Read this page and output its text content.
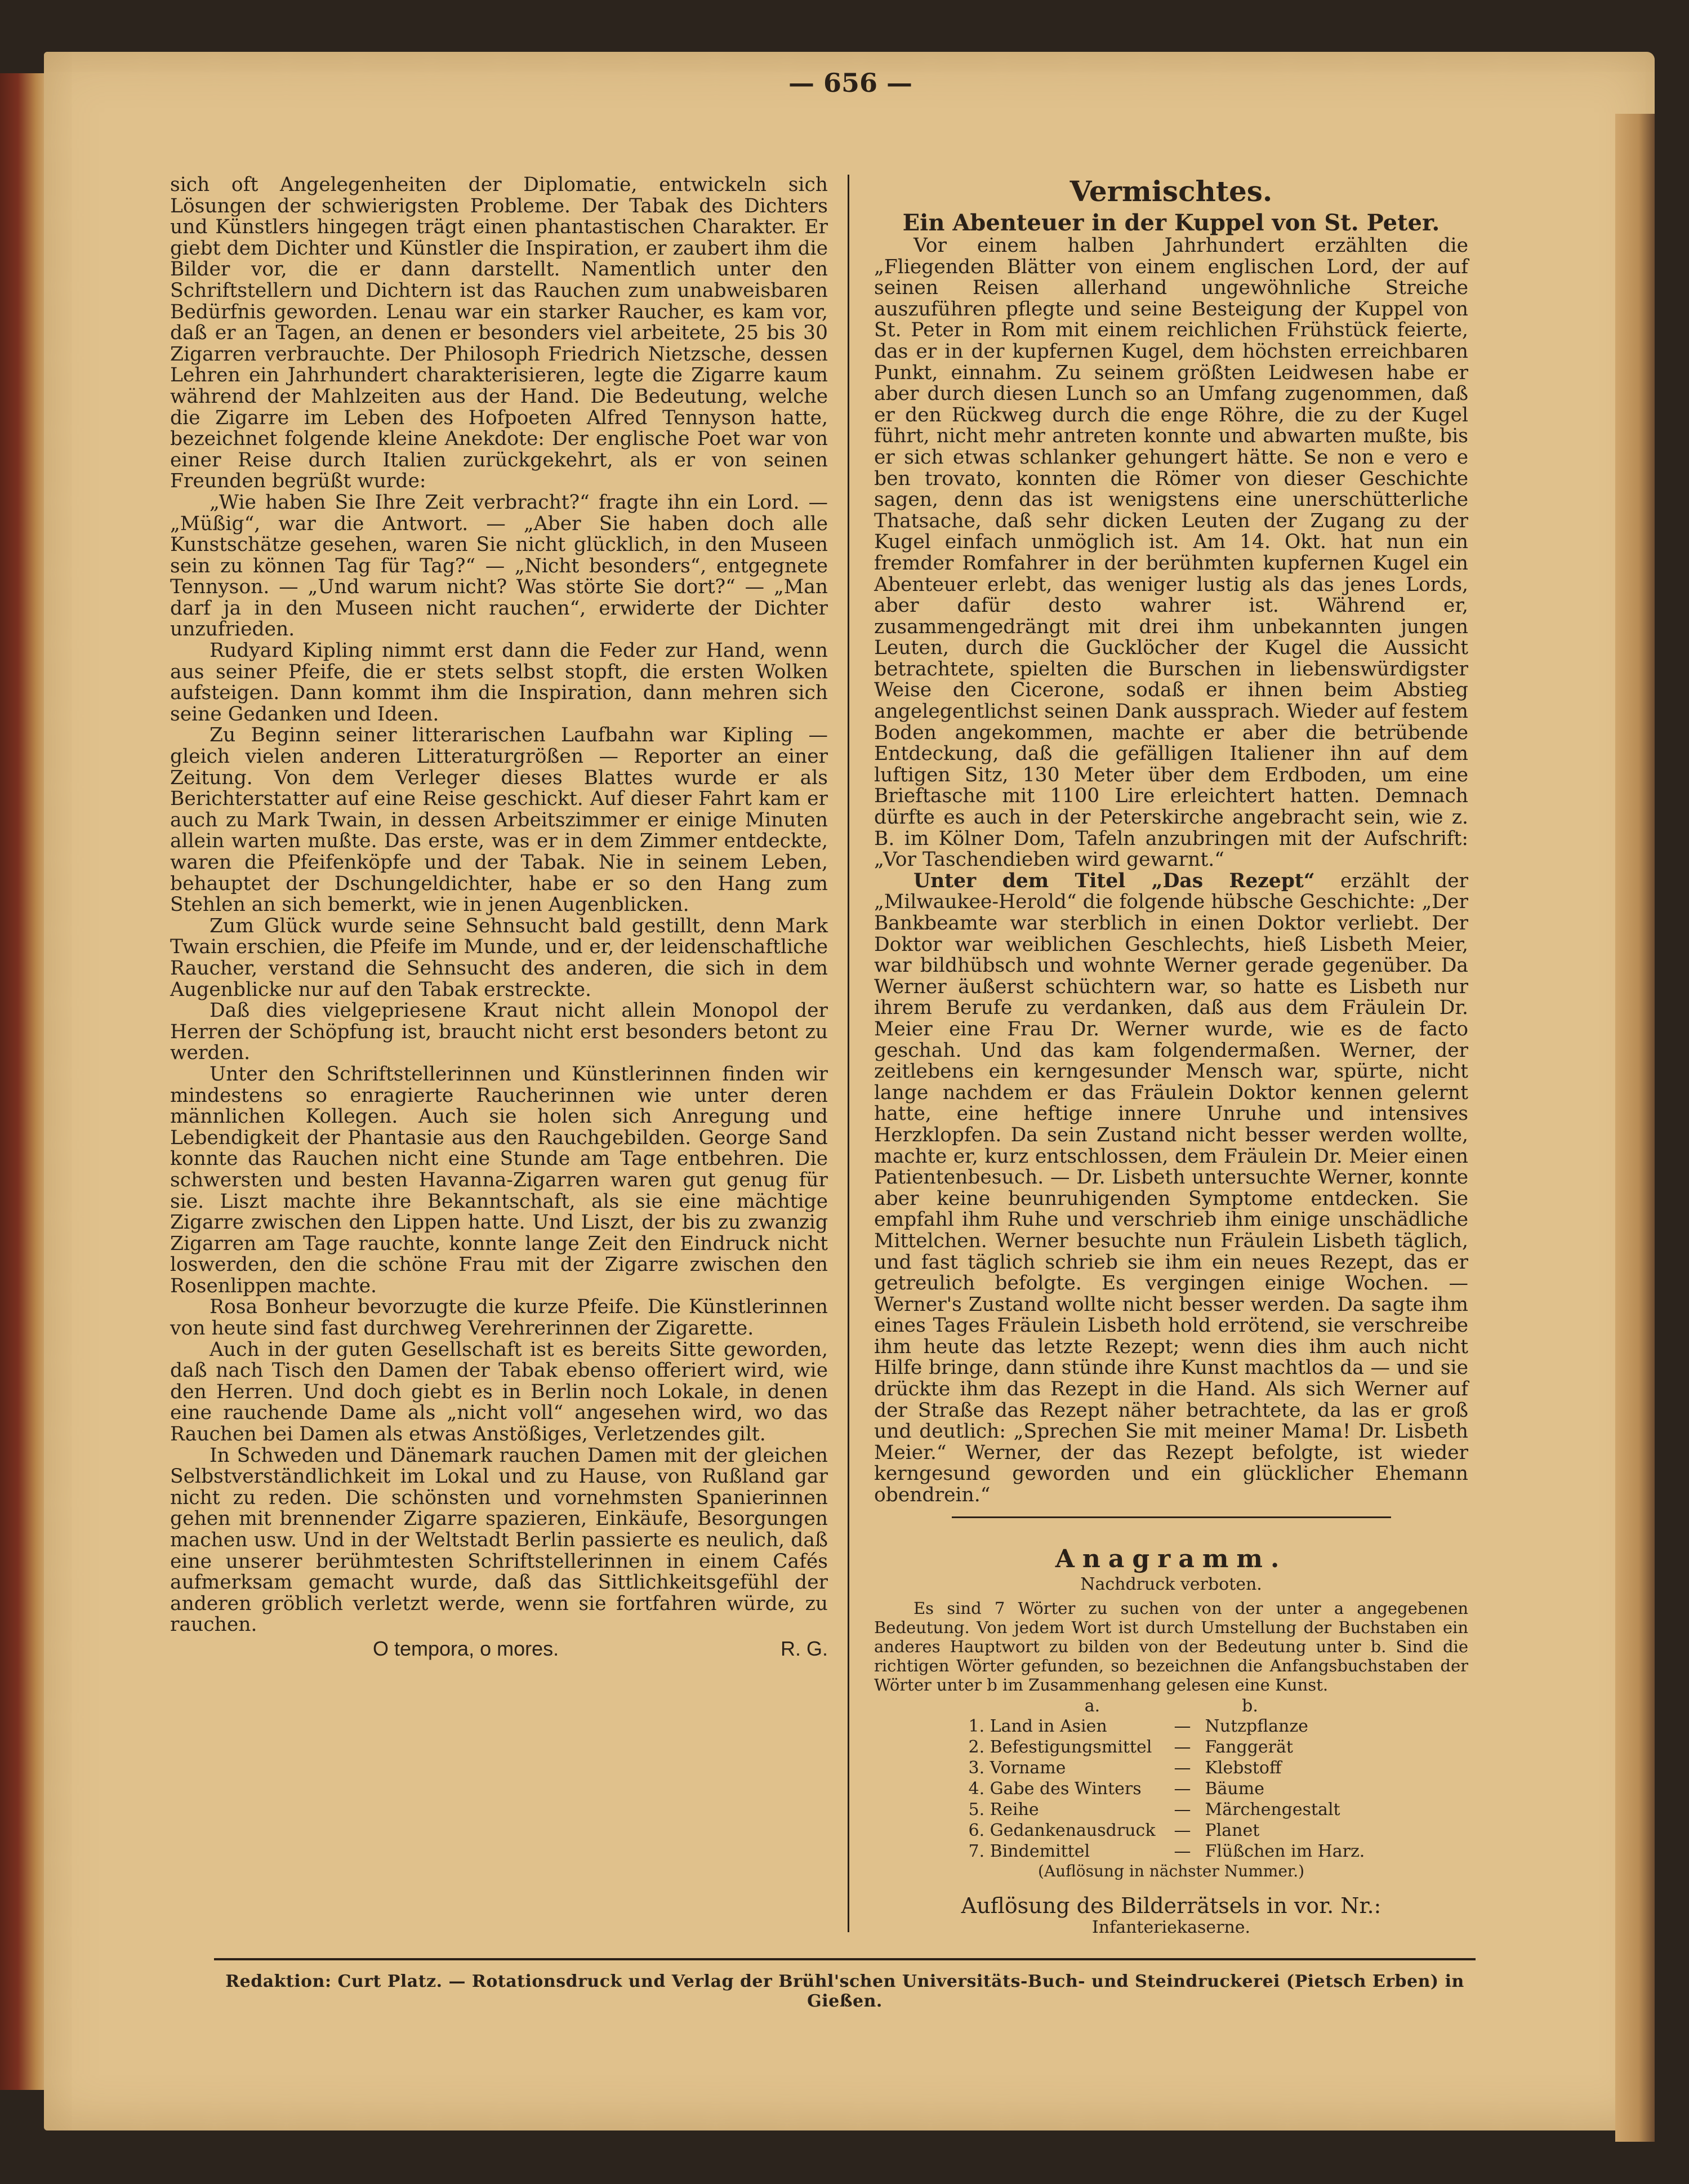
— 656 —

sich oft Angelegenheiten der Diplomatie, entwickeln sich Lösungen der schwierigsten Probleme. Der Tabak des Dichters und Künstlers hingegen trägt einen phantastischen Charakter. Er giebt dem Dichter und Künstler die Inspiration, er zaubert ihm die Bilder vor, die er dann darstellt. Namentlich unter den Schriftstellern und Dichtern ist das Rauchen zum unabweisbaren Bedürfnis geworden. Lenau war ein starker Raucher, es kam vor, daß er an Tagen, an denen er besonders viel arbeitete, 25 bis 30 Zigarren verbrauchte. Der Philosoph Friedrich Nietzsche, dessen Lehren ein Jahrhundert charakterisieren, legte die Zigarre kaum während der Mahlzeiten aus der Hand. Die Bedeutung, welche die Zigarre im Leben des Hofpoeten Alfred Tennyson hatte, bezeichnet folgende kleine Anekdote: Der englische Poet war von einer Reise durch Italien zurückgekehrt, als er von seinen Freunden begrüßt wurde:

„Wie haben Sie Ihre Zeit verbracht?“ fragte ihn ein Lord. — „Müßig“, war die Antwort. — „Aber Sie haben doch alle Kunstschätze gesehen, waren Sie nicht glücklich, in den Museen sein zu können Tag für Tag?“ — „Nicht besonders“, entgegnete Tennyson. — „Und warum nicht? Was störte Sie dort?“ — „Man darf ja in den Museen nicht rauchen“, erwiderte der Dichter unzufrieden.

Rudyard Kipling nimmt erst dann die Feder zur Hand, wenn aus seiner Pfeife, die er stets selbst stopft, die ersten Wolken aufsteigen. Dann kommt ihm die Inspiration, dann mehren sich seine Gedanken und Ideen.

Zu Beginn seiner litterarischen Laufbahn war Kipling — gleich vielen anderen Litteraturgrößen — Reporter an einer Zeitung. Von dem Verleger dieses Blattes wurde er als Berichterstatter auf eine Reise geschickt. Auf dieser Fahrt kam er auch zu Mark Twain, in dessen Arbeitszimmer er einige Minuten allein warten mußte. Das erste, was er in dem Zimmer entdeckte, waren die Pfeifenköpfe und der Tabak. Nie in seinem Leben, behauptet der Dschungeldichter, habe er so den Hang zum Stehlen an sich bemerkt, wie in jenen Augenblicken.

Zum Glück wurde seine Sehnsucht bald gestillt, denn Mark Twain erschien, die Pfeife im Munde, und er, der leidenschaftliche Raucher, verstand die Sehnsucht des anderen, die sich in dem Augenblicke nur auf den Tabak erstreckte.

Daß dies vielgepriesene Kraut nicht allein Monopol der Herren der Schöpfung ist, braucht nicht erst besonders betont zu werden.

Unter den Schriftstellerinnen und Künstlerinnen finden wir mindestens so enragierte Raucherinnen wie unter deren männlichen Kollegen. Auch sie holen sich Anregung und Lebendigkeit der Phantasie aus den Rauchgebilden. George Sand konnte das Rauchen nicht eine Stunde am Tage entbehren. Die schwersten und besten Havanna-Zigarren waren gut genug für sie. Liszt machte ihre Bekanntschaft, als sie eine mächtige Zigarre zwischen den Lippen hatte. Und Liszt, der bis zu zwanzig Zigarren am Tage rauchte, konnte lange Zeit den Eindruck nicht loswerden, den die schöne Frau mit der Zigarre zwischen den Rosenlippen machte.

Rosa Bonheur bevorzugte die kurze Pfeife. Die Künstlerinnen von heute sind fast durchweg Verehrerinnen der Zigarette.

Auch in der guten Gesellschaft ist es bereits Sitte geworden, daß nach Tisch den Damen der Tabak ebenso offeriert wird, wie den Herren. Und doch giebt es in Berlin noch Lokale, in denen eine rauchende Dame als „nicht voll“ angesehen wird, wo das Rauchen bei Damen als etwas Anstößiges, Verletzendes gilt.

In Schweden und Dänemark rauchen Damen mit der gleichen Selbstverständlichkeit im Lokal und zu Hause, von Rußland gar nicht zu reden. Die schönsten und vornehmsten Spanierinnen gehen mit brennender Zigarre spazieren, Einkäufe, Besorgungen machen usw. Und in der Weltstadt Berlin passierte es neulich, daß eine unserer berühmtesten Schriftstellerinnen in einem Cafés aufmerksam gemacht wurde, daß das Sittlichkeitsgefühl der anderen gröblich verletzt werde, wenn sie fortfahren würde, zu rauchen.

O tempora, o mores.	R. G.
Vermischtes.
Ein Abenteuer in der Kuppel von St. Peter.

Vor einem halben Jahrhundert erzählten die „Fliegenden Blätter von einem englischen Lord, der auf seinen Reisen allerhand ungewöhnliche Streiche auszuführen pflegte und seine Besteigung der Kuppel von St. Peter in Rom mit einem reichlichen Frühstück feierte, das er in der kupfernen Kugel, dem höchsten erreichbaren Punkt, einnahm. Zu seinem größten Leidwesen habe er aber durch diesen Lunch so an Umfang zugenommen, daß er den Rückweg durch die enge Röhre, die zu der Kugel führt, nicht mehr antreten konnte und abwarten mußte, bis er sich etwas schlanker gehungert hätte. Se non e vero e ben trovato, konnten die Römer von dieser Geschichte sagen, denn das ist wenigstens eine unerschütterliche Thatsache, daß sehr dicken Leuten der Zugang zu der Kugel einfach unmöglich ist. Am 14. Okt. hat nun ein fremder Romfahrer in der berühmten kupfernen Kugel ein Abenteuer erlebt, das weniger lustig als das jenes Lords, aber dafür desto wahrer ist. Während er, zusammengedrängt mit drei ihm unbekannten jungen Leuten, durch die Gucklöcher der Kugel die Aussicht betrachtete, spielten die Burschen in liebenswürdigster Weise den Cicerone, sodaß er ihnen beim Abstieg angelegentlichst seinen Dank aussprach. Wieder auf festem Boden angekommen, machte er aber die betrübende Entdeckung, daß die gefälligen Italiener ihn auf dem luftigen Sitz, 130 Meter über dem Erdboden, um eine Brieftasche mit 1100 Lire erleichtert hatten. Demnach dürfte es auch in der Peterskirche angebracht sein, wie z. B. im Kölner Dom, Tafeln anzubringen mit der Aufschrift: „Vor Taschendieben wird gewarnt.“

Unter dem Titel „Das Rezept“ erzählt der „Milwaukee-Herold“ die folgende hübsche Geschichte: „Der Bankbeamte war sterblich in einen Doktor verliebt. Der Doktor war weiblichen Geschlechts, hieß Lisbeth Meier, war bildhübsch und wohnte Werner gerade gegenüber. Da Werner äußerst schüchtern war, so hatte es Lisbeth nur ihrem Berufe zu verdanken, daß aus dem Fräulein Dr. Meier eine Frau Dr. Werner wurde, wie es de facto geschah. Und das kam folgendermaßen. Werner, der zeitlebens ein kerngesunder Mensch war, spürte, nicht lange nachdem er das Fräulein Doktor kennen gelernt hatte, eine heftige innere Unruhe und intensives Herzklopfen. Da sein Zustand nicht besser werden wollte, machte er, kurz entschlossen, dem Fräulein Dr. Meier einen Patientenbesuch. — Dr. Lisbeth untersuchte Werner, konnte aber keine beunruhigenden Symptome entdecken. Sie empfahl ihm Ruhe und verschrieb ihm einige unschädliche Mittelchen. Werner besuchte nun Fräulein Lisbeth täglich, und fast täglich schrieb sie ihm ein neues Rezept, das er getreulich befolgte. Es vergingen einige Wochen. — Werner's Zustand wollte nicht besser werden. Da sagte ihm eines Tages Fräulein Lisbeth hold errötend, sie verschreibe ihm heute das letzte Rezept; wenn dies ihm auch nicht Hilfe bringe, dann stünde ihre Kunst machtlos da — und sie drückte ihm das Rezept in die Hand. Als sich Werner auf der Straße das Rezept näher betrachtete, da las er groß und deutlich: „Sprechen Sie mit meiner Mama! Dr. Lisbeth Meier.“ Werner, der das Rezept befolgte, ist wieder kerngesund geworden und ein glücklicher Ehemann obendrein.“

Anagramm.
Nachdruck verboten.
Es sind 7 Wörter zu suchen von der unter a angegebenen Bedeutung. Von jedem Wort ist durch Umstellung der Buchstaben ein anderes Hauptwort zu bilden von der Bedeutung unter b. Sind die richtigen Wörter gefunden, so bezeichnen die Anfangsbuchstaben der Wörter unter b im Zusammenhang gelesen eine Kunst.
a.	b.
1. Land in Asien	— Nutzpflanze
2. Befestigungsmittel	— Fanggerät
3. Vorname	— Klebstoff
4. Gabe des Winters	— Bäume
5. Reihe	— Märchengestalt
6. Gedankenausdruck	— Planet
7. Bindemittel	— Flüßchen im Harz.
(Auflösung in nächster Nummer.)
Auflösung des Bilderrätsels in vor. Nr.:
Infanteriekaserne.
Redaktion: Curt Platz. — Rotationsdruck und Verlag der Brühl'schen Universitäts-Buch- und Steindruckerei (Pietsch Erben) in Gießen.
